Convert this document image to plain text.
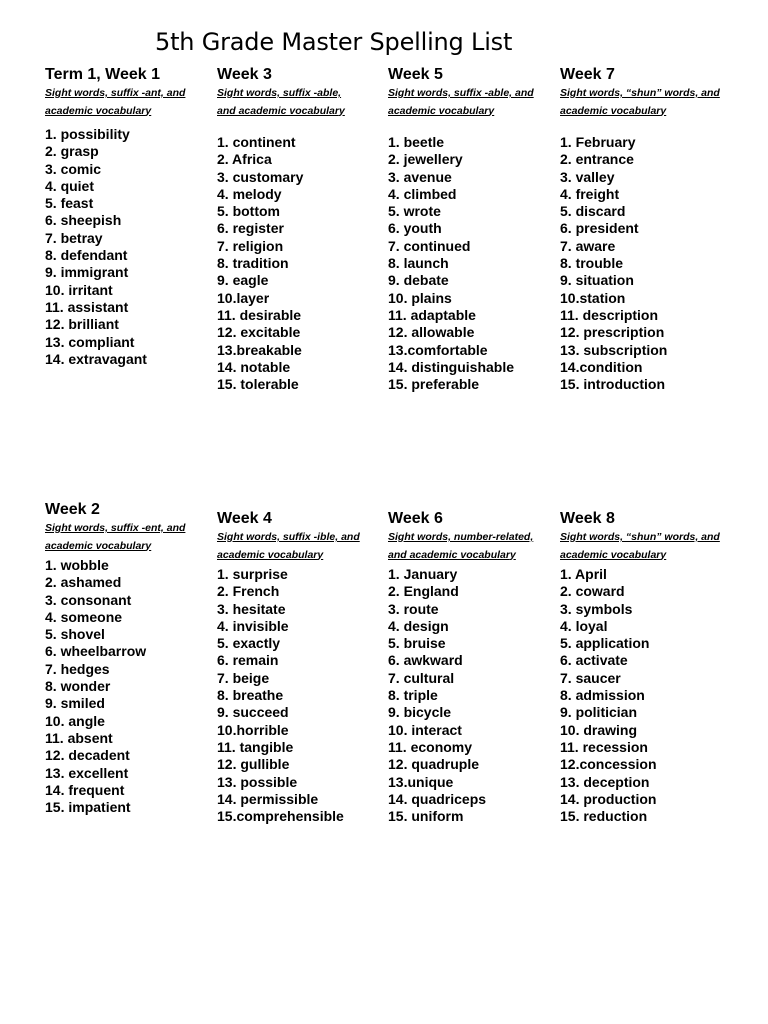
5th Grade Master Spelling List
Term 1, Week 1
Sight words, suffix -ant, and
academic vocabulary
1. possibility
2. grasp
3. comic
4. quiet
5. feast
6. sheepish
7. betray
8. defendant
9. immigrant
10. irritant
11. assistant
12. brilliant
13. compliant
14. extravagant
Week 3
Sight words, suffix -able,
and academic vocabulary
1. continent
2. Africa
3. customary
4. melody
5. bottom
6. register
7. religion
8. tradition
9. eagle
10.layer
11. desirable
12. excitable
13.breakable
14. notable
15. tolerable
Week 5
Sight words, suffix -able, and
academic vocabulary
1. beetle
2. jewellery
3. avenue
4. climbed
5. wrote
6. youth
7. continued
8. launch
9. debate
10. plains
11. adaptable
12. allowable
13.comfortable
14. distinguishable
15. preferable
Week 7
Sight words, “shun” words, and
academic vocabulary
1. February
2. entrance
3. valley
4. freight
5. discard
6. president
7. aware
8. trouble
9. situation
10.station
11. description
12. prescription
13. subscription
14.condition
15. introduction
Week 2
Sight words, suffix -ent, and
academic vocabulary
1. wobble
2. ashamed
3. consonant
4. someone
5. shovel
6. wheelbarrow
7. hedges
8. wonder
9. smiled
10. angle
11. absent
12. decadent
13. excellent
14. frequent
15. impatient
Week 4
Sight words, suffix -ible, and
academic vocabulary
1. surprise
2. French
3. hesitate
4. invisible
5. exactly
6. remain
7. beige
8. breathe
9. succeed
10.horrible
11. tangible
12. gullible
13. possible
14. permissible
15.comprehensible
Week 6
Sight words, number-related,
and academic vocabulary
1. January
2. England
3. route
4. design
5. bruise
6. awkward
7. cultural
8. triple
9. bicycle
10. interact
11. economy
12. quadruple
13.unique
14. quadriceps
15. uniform
Week 8
Sight words, “shun” words, and
academic vocabulary
1. April
2. coward
3. symbols
4. loyal
5. application
6. activate
7. saucer
8. admission
9. politician
10. drawing
11. recession
12.concession
13. deception
14. production
15. reduction
